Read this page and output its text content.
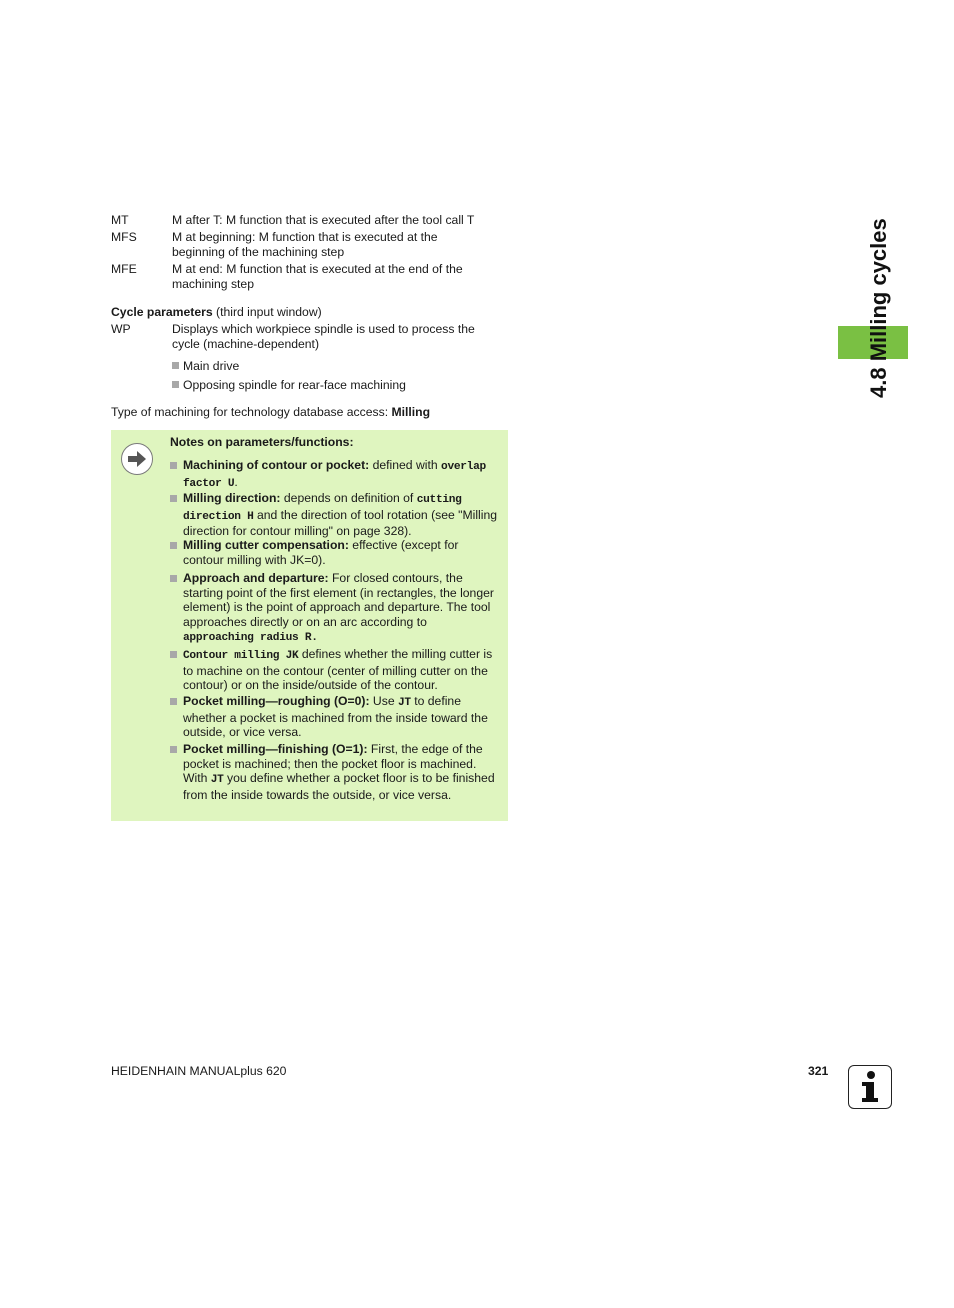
4.8 Milling cycles
MT	M after T: M function that is executed after the tool call T
MFS	M at beginning: M function that is executed at the beginning of the machining step
MFE	M at end: M function that is executed at the end of the machining step
Cycle parameters (third input window)
WP	Displays which workpiece spindle is used to process the cycle (machine-dependent)
Main drive
Opposing spindle for rear-face machining
Type of machining for technology database access: Milling
Notes on parameters/functions:
Machining of contour or pocket: defined with overlap factor U.
Milling direction: depends on definition of cutting direction H and the direction of tool rotation (see "Milling direction for contour milling" on page 328).
Milling cutter compensation: effective (except for contour milling with JK=0).
Approach and departure: For closed contours, the starting point of the first element (in rectangles, the longer element) is the point of approach and departure. The tool approaches directly or on an arc according to approaching radius R.
Contour milling JK defines whether the milling cutter is to machine on the contour (center of milling cutter on the contour) or on the inside/outside of the contour.
Pocket milling—roughing (O=0): Use JT to define whether a pocket is machined from the inside toward the outside, or vice versa.
Pocket milling—finishing (O=1): First, the edge of the pocket is machined; then the pocket floor is machined. With JT you define whether a pocket floor is to be finished from the inside towards the outside, or vice versa.
HEIDENHAIN MANUALplus 620	321
